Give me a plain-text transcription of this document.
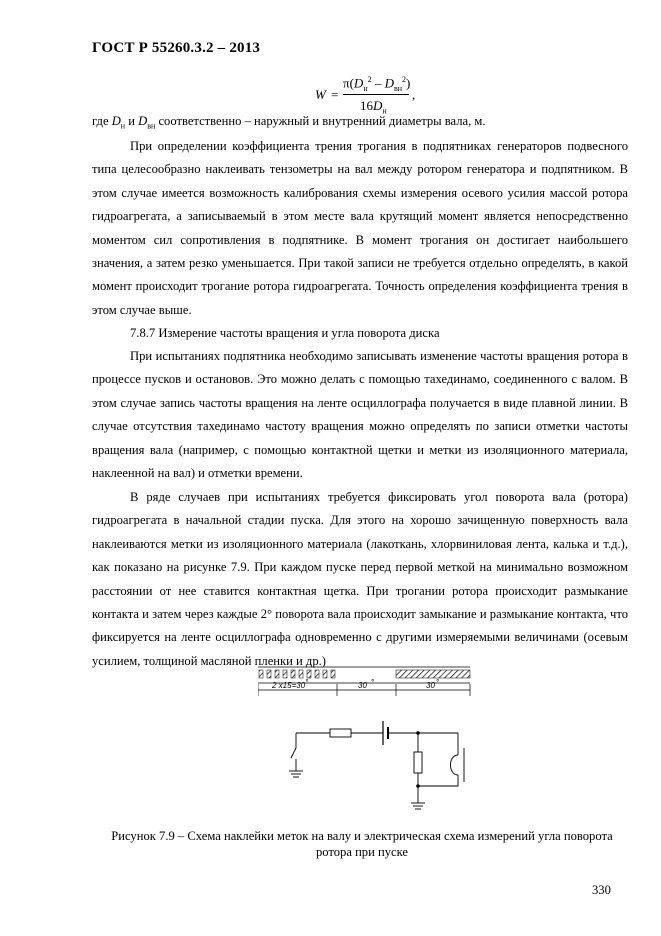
ГОСТ Р 55260.3.2 – 2013
W =
$\pi(D_н^2 - D_{вн}^2)$
$16D_н$
,
где $D_н$ и $D_{вн}$ соответственно – наружный и внутренний диаметры вала, м.

При определении коэффициента трения трогания в подпятниках генераторов подвесного типа целесообразно наклеивать тензометры на вал между ротором генератора и подпятником. В этом случае имеется возможность калибрования схемы измерения осевого усилия массой ротора гидроагрегата, а записываемый в этом месте вала крутящий момент является непосредственно моментом сил сопротивления в подпятнике. В момент трогания он достигает наибольшего значения, а затем резко уменьшается. При такой записи не требуется отдельно определять, в какой момент происходит трогание ротора гидроагрегата. Точность определения коэффициента трения в этом случае выше.

7.8.7 Измерение частоты вращения и угла поворота диска

При испытаниях подпятника необходимо записывать изменение частоты вращения ротора в процессе пусков и остановов. Это можно делать с помощью тахединамо, соединенного с валом. В этом случае запись частоты вращения на ленте осциллографа получается в виде плавной линии. В случае отсутствия тахединамо частоту вращения можно определять по записи отметки частоты вращения вала (например, с помощью контактной щетки и метки из изоляционного материала, наклеенной на вал) и отметки времени.

В ряде случаев при испытаниях требуется фиксировать угол поворота вала (ротора) гидроагрегата в начальной стадии пуска. Для этого на хорошо зачищенную поверхность вала наклеиваются метки из изоляционного материала (лакоткань, хлорвиниловая лента, калька и т.д.), как показано на рисунке 7.9. При каждом пуске перед первой меткой на минимально возможном расстоянии от нее ставится контактная щетка. При трогании ротора происходит размыкание контакта и затем через каждые 2° поворота вала происходит замыкание и размыкание контакта, что фиксируется на ленте осциллографа одновременно с другими измеряемыми величинами (осевым усилием, толщиной масляной пленки и др.)

2 x15=30°	30 °	30°
Рисунок 7.9 – Схема наклейки меток на валу и электрическая схема измерений угла поворота ротора при пуске
330
